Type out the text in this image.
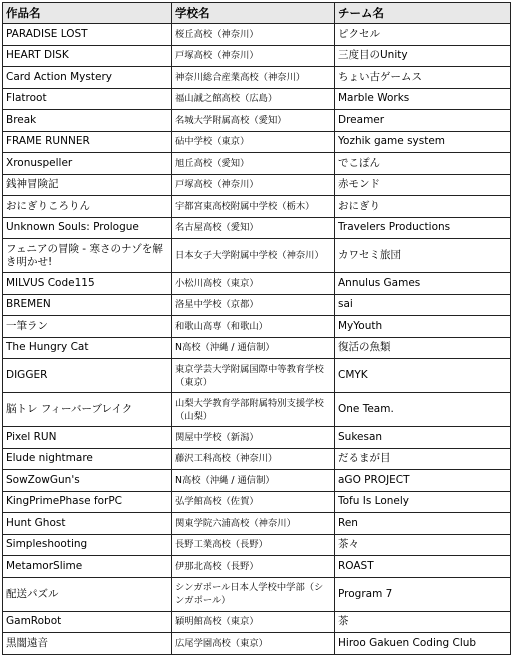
作品名	学校名	チーム名
PARADISE LOST	桜丘高校（神奈川）	ピクセル
HEART DISK	戸塚高校（神奈川）	三度目のUnity
Card Action Mystery	神奈川総合産業高校（神奈川）	ちょい古ゲームス
Flatroot	福山誠之館高校（広島）	Marble Works
Break	名城大学附属高校（愛知）	Dreamer
FRAME RUNNER	砧中学校（東京）	Yozhik game system
Xronuspeller	旭丘高校（愛知）	でこぽん
銭神冒険記	戸塚高校（神奈川）	赤モンド
おにぎりころりん	宇都宮東高校附属中学校（栃木）	おにぎり
Unknown Souls: Prologue	名古屋高校（愛知）	Travelers Productions
フェニアの冒険 - 寒さのナゾを解き明かせ!	日本女子大学附属中学校（神奈川）	カワセミ旅団
MILVUS Code115	小松川高校（東京）	Annulus Games
BREMEN	洛星中学校（京都）	sai
一筆ラン	和歌山高専（和歌山）	MyYouth
The Hungry Cat	N高校（沖縄 / 通信制）	復活の魚類
DIGGER	東京学芸大学附属国際中等教育学校（東京）	CMYK
脳トレ フィーバーブレイク	山梨大学教育学部附属特別支援学校（山梨）	One Team.
Pixel RUN	関屋中学校（新潟）	Sukesan
Elude nightmare	藤沢工科高校（神奈川）	だるまが目
SowZowGun's	N高校（沖縄 / 通信制）	aGO PROJECT
KingPrimePhase forPC	弘学館高校（佐賀）	Tofu Is Lonely
Hunt Ghost	関東学院六浦高校（神奈川）	Ren
Simpleshooting	長野工業高校（長野）	茶々
MetamorSlime	伊那北高校（長野）	ROAST
配送パズル	シンガポール日本人学校中学部（シンガポール）	Program 7
GamRobot	穎明館高校（東京）	茶
黒闇遠音	広尾学園高校（東京）	Hiroo Gakuen Coding Club
